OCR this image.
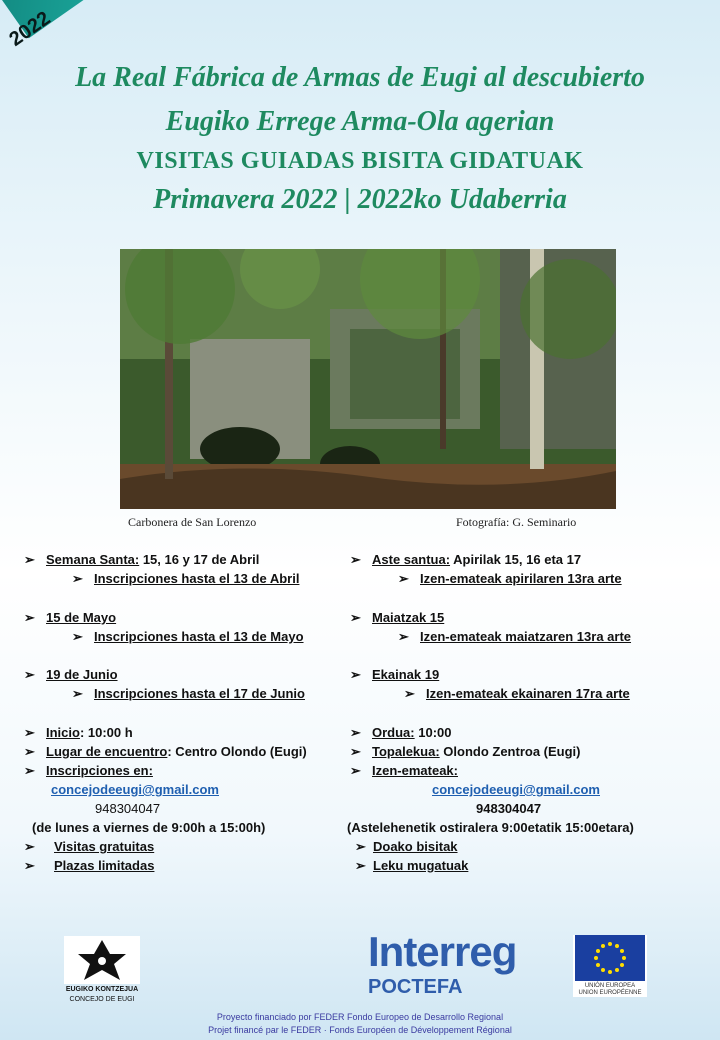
2022
La Real Fábrica de Armas de Eugi al descubierto
Eugiko Errege Arma-Ola agerian
VISITAS GUIADAS BISITA GIDATUAK
Primavera 2022 | 2022ko Udaberria
Carbonera de San Lorenzo	Fotografía: G. Seminario
➢ Semana Santa: 15, 16 y 17 de Abril
➢ Inscripciones hasta el 13 de Abril
➢ 15 de Mayo
➢ Inscripciones hasta el 13 de Mayo
➢ 19 de Junio
➢ Inscripciones hasta el 17 de Junio
➢ Inicio: 10:00 h
➢ Lugar de encuentro: Centro Olondo (Eugi)
➢ Inscripciones en:
concejodeeugi@gmail.com
948304047
(de lunes a viernes de 9:00h a 15:00h)
➢ Visitas gratuitas
➢ Plazas limitadas
➢ Aste santua: Apirilak 15, 16 eta 17
➢ Izen-emateak apirilaren 13ra arte
➢ Maiatzak 15
➢ Izen-emateak maiatzaren 13ra arte
➢ Ekainak 19
➢ Izen-emateak ekainaren 17ra arte
➢ Ordua: 10:00
➢ Topalekua: Olondo Zentroa (Eugi)
➢ Izen-emateak:
concejodeeugi@gmail.com
948304047
(Astelehenetik ostiralera 9:00etatik 15:00etara)
➢ Doako bisitak
➢ Leku mugatuak
EUGIKO KONTZEJUA
CONCEJO DE EUGI
Interreg
POCTEFA	UNIÓN EUROPEA
UNION EUROPÉENNE
Proyecto financiado por FEDER Fondo Europeo de Desarrollo Regional
Projet financé par le FEDER · Fonds Européen de Développement Régional
